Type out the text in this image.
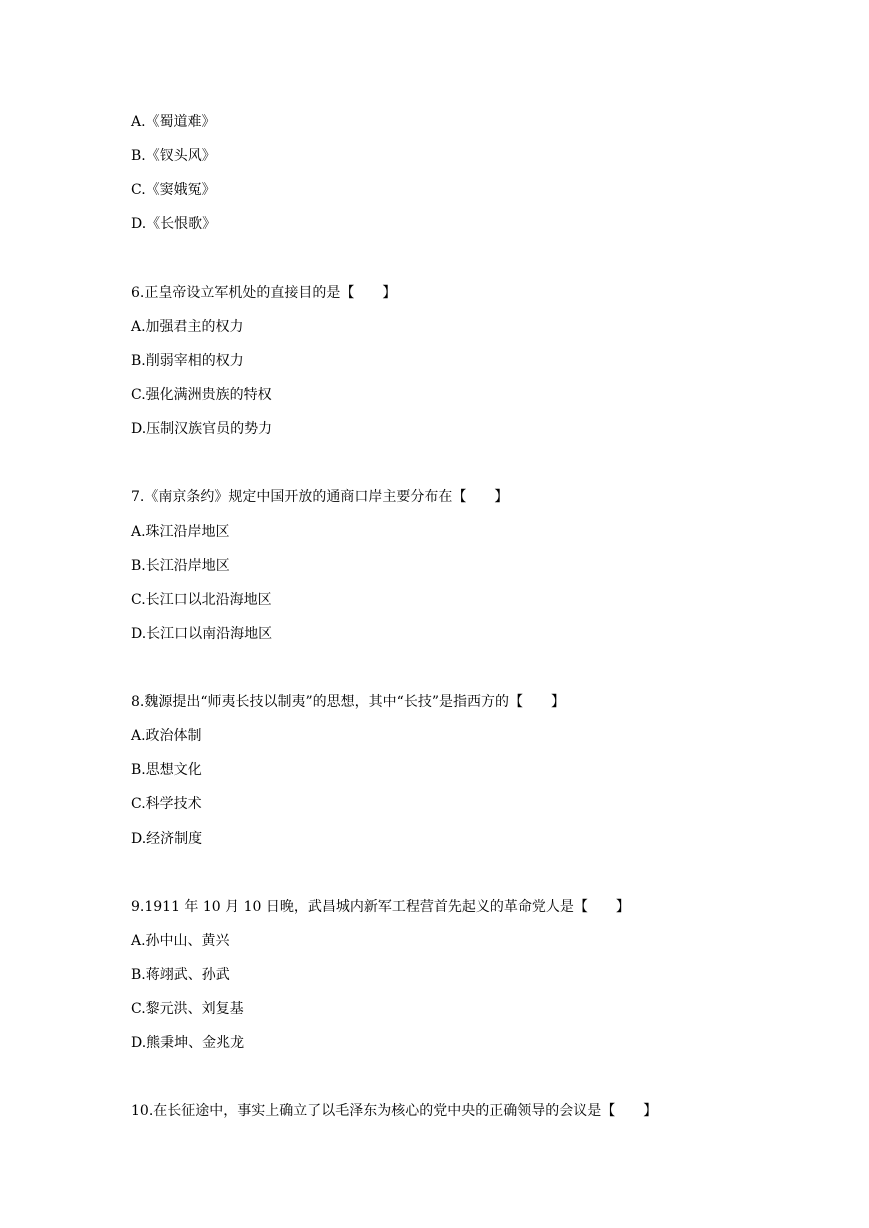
A.《蜀道难》
B.《钗头风》
C.《窦娥冤》
D.《长恨歌》
6.正皇帝设立军机处的直接目的是【　　】
A.加强君主的权力
B.削弱宰相的权力
C.强化满洲贵族的特权
D.压制汉族官员的势力
7.《南京条约》规定中国开放的通商口岸主要分布在【　　】
A.珠江沿岸地区
B.长江沿岸地区
C.长江口以北沿海地区
D.长江口以南沿海地区
8.魏源提出“师夷长技以制夷”的思想，其中“长技”是指西方的【　　】
A.政治体制
B.思想文化
C.科学技术
D.经济制度
9.1911 年 10 月 10 日晚，武昌城内新军工程营首先起义的革命党人是【　　】
A.孙中山、黄兴
B.蒋翊武、孙武
C.黎元洪、刘复基
D.熊秉坤、金兆龙
10.在长征途中，事实上确立了以毛泽东为核心的党中央的正确领导的会议是【　　】
